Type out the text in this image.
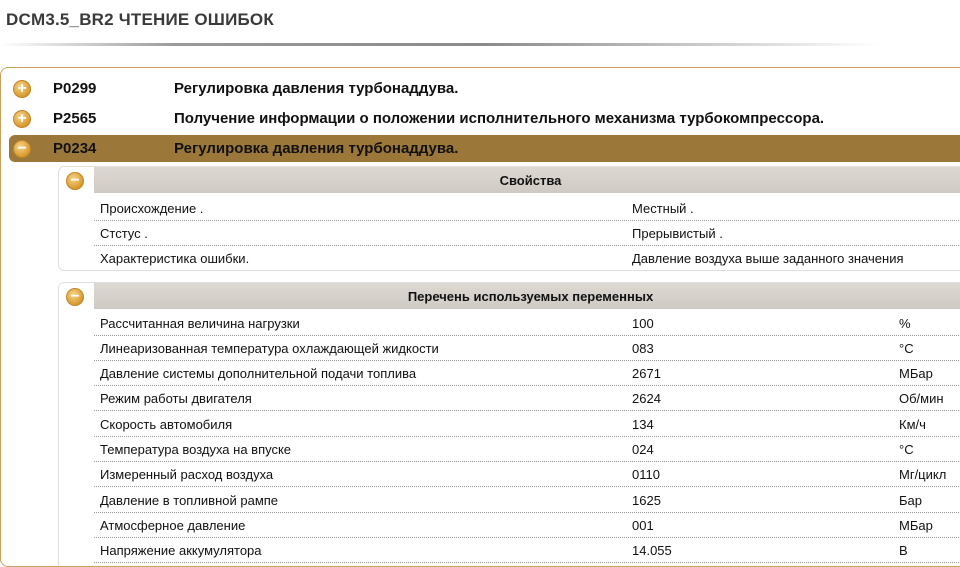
DCM3.5_BR2 ЧТЕНИЕ ОШИБОК
+ P0299	Регулировка давления турбонаддува.
+ P2565	Получение информации о положении исполнительного механизма турбокомпрессора.
− P0234	Регулировка давления турбонаддува.
−	Свойства
Происхождение .	Местный .
Стстус .	Прерывистый .
Характеристика ошибки.	Давление воздуха выше заданного значения
−	Перечень используемых переменных
Рассчитанная величина нагрузки	100	%
Линеаризованная температура охлаждающей жидкости	083	°C
Давление системы дополнительной подачи топлива	2671	МБар
Режим работы двигателя	2624	Об/мин
Скорость автомобиля	134	Км/ч
Температура воздуха на впуске	024	°C
Измеренный расход воздуха	0110	Мг/цикл
Давление в топливной рампе	1625	Бар
Атмосферное давление	001	МБар
Напряжение аккумулятора	14.055	В
